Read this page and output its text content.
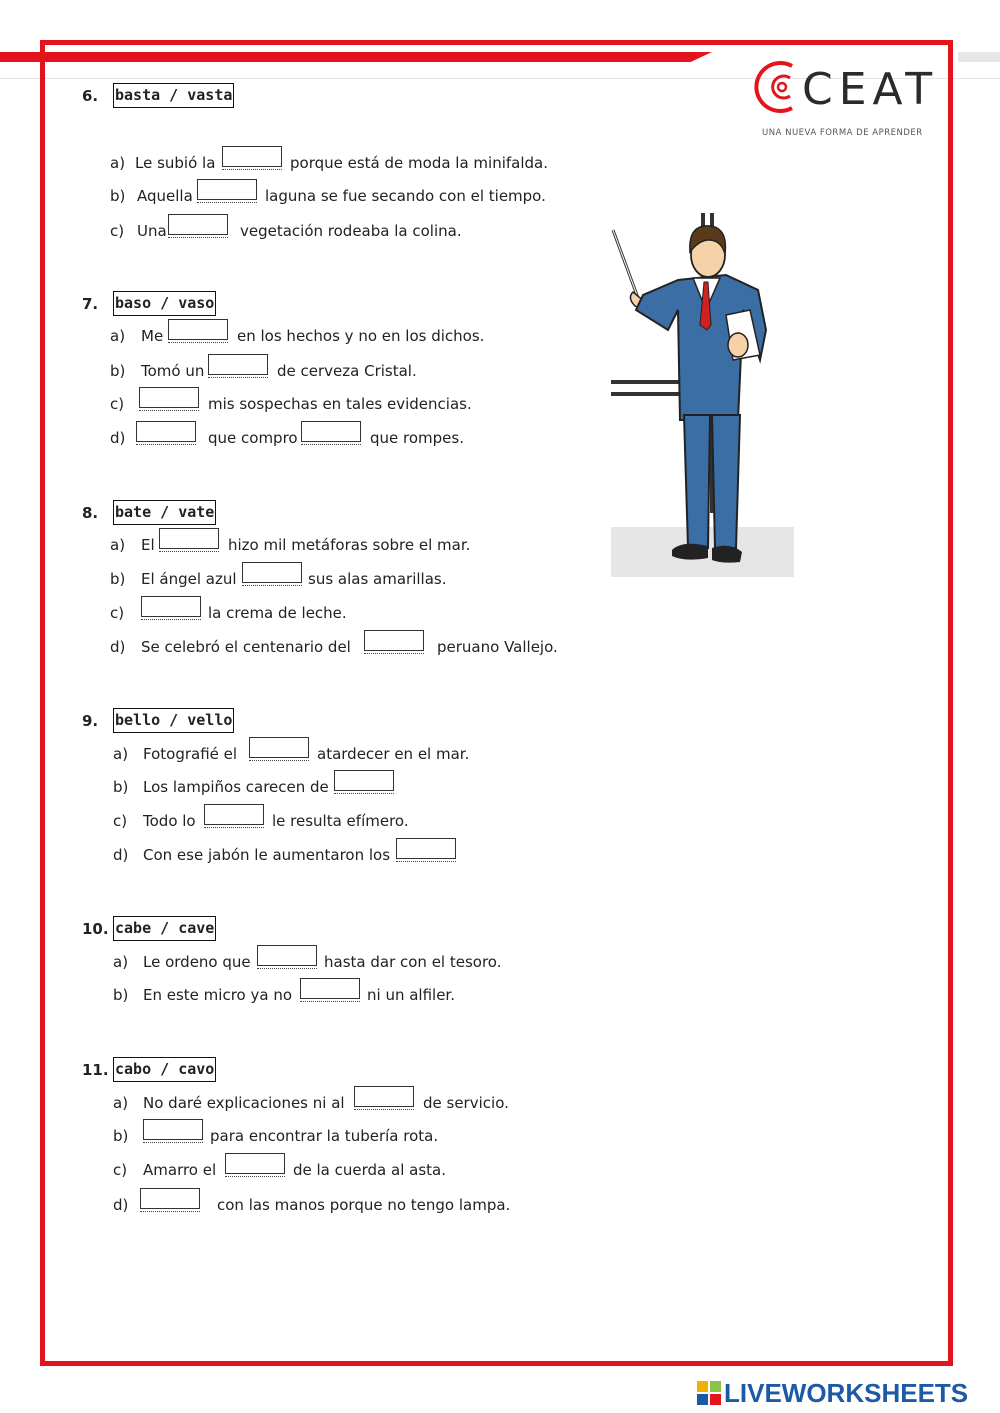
CEAT
UNA NUEVA FORMA DE APRENDER
6. basta / vasta
a) Le subió la	porque está de moda la minifalda.
b) Aquella	laguna se fue secando con el tiempo.
c) Una	vegetación rodeaba la colina.
7. baso / vaso
a) Me	en los hechos y no en los dichos.
b) Tomó un	de cerveza Cristal.
c)	mis sospechas en tales evidencias.
d)	que compro	que rompes.
8. bate / vate
a) El	hizo mil metáforas sobre el mar.
b) El ángel azul	sus alas amarillas.
c)	la crema de leche.
d) Se celebró el centenario del	peruano Vallejo.
9. bello / vello
a) Fotografié el	atardecer en el mar.
b) Los lampiños carecen de
c) Todo lo	le resulta efímero.
d) Con ese jabón le aumentaron los
10. cabe / cave
a) Le ordeno que	hasta dar con el tesoro.
b) En este micro ya no	ni un alfiler.
11. cabo / cavo
a) No daré explicaciones ni al	de servicio.
b)	para encontrar la tubería rota.
c) Amarro el	de la cuerda al asta.
d)	con las manos porque no tengo lampa.
LIVEWORKSHEETS
